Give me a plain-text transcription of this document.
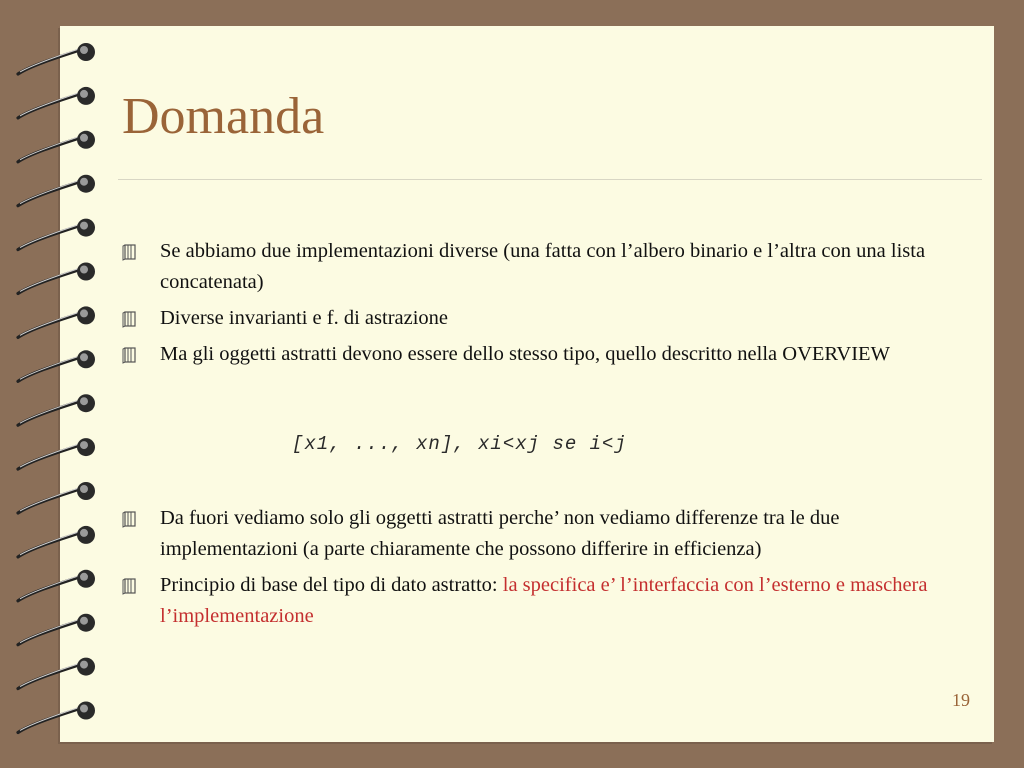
Domanda

Se abbiamo due implementazioni diverse (una fatta con l’albero binario e l’altra con una lista concatenata)

Diverse invarianti e f. di astrazione

Ma gli oggetti astratti devono essere dello stesso tipo, quello descritto nella OVERVIEW

[x1, ..., xn], xi<xj se i<j

Da fuori vediamo solo gli oggetti astratti perche’ non vediamo differenze tra le due implementazioni (a parte chiaramente che possono differire in efficienza)

Principio di base del tipo di dato astratto: la specifica e’ l’interfaccia con l’esterno e maschera l’implementazione

19
